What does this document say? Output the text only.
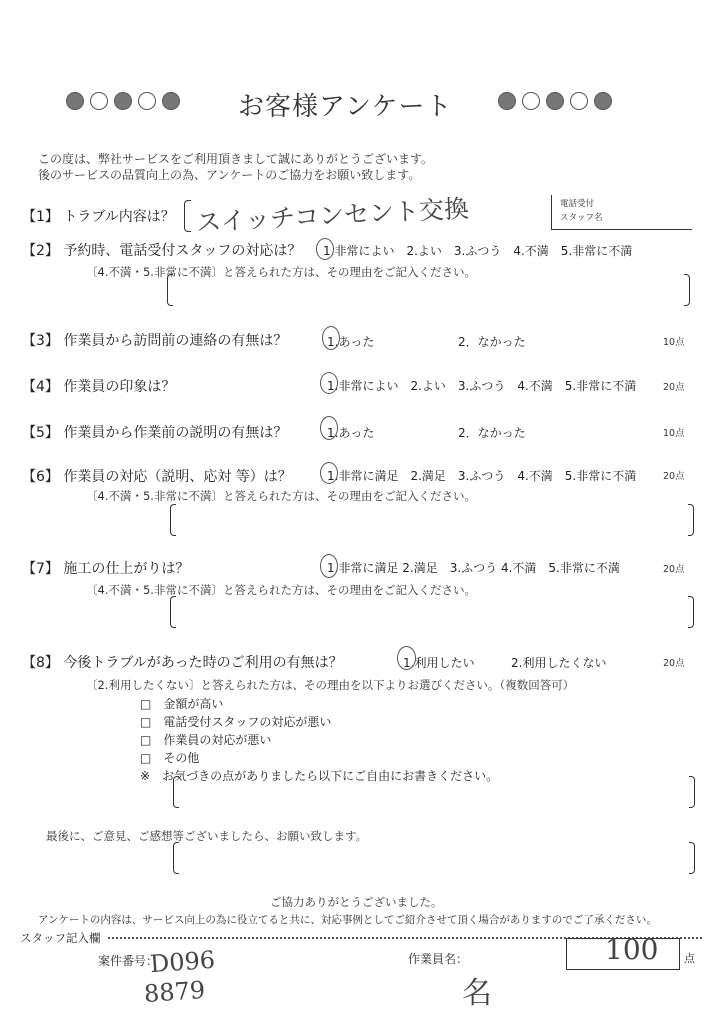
お客様アンケート
この度は、弊社サービスをご利用頂きまして誠にありがとうございます。
後のサービスの品質向上の為、アンケートのご協力をお願い致します。
電話受付
スタッフ名
【1】 トラブル内容は？ スイッチコンセント交換
【2】 予約時、電話受付スタッフの対応は？ 1.非常によい　2.よい　3.ふつう　4.不満　5.非常に不満
〔4.不満・5.非常に不満〕と答えられた方は、その理由をご記入ください。
【3】 作業員から訪問前の連絡の有無は？	1.あった	2．なかった	10点
【4】 作業員の印象は？	1.非常によい　2.よい　3.ふつう　4.不満　5.非常に不満	20点
【5】 作業員から作業前の説明の有無は？	1.あった	2．なかった	10点
【6】 作業員の対応（説明、応対 等）は？	1.非常に満足　2.満足　3.ふつう　4.不満　5.非常に不満	20点
〔4.不満・5.非常に不満〕と答えられた方は、その理由をご記入ください。
【7】 施工の仕上がりは？	1.非常に満足 2.満足　3.ふつう 4.不満　5.非常に不満	20点
〔4.不満・5.非常に不満〕と答えられた方は、その理由をご記入ください。
【8】 今後トラブルがあった時のご利用の有無は？	1.利用したい	2.利用したくない	20点
〔2.利用したくない〕と答えられた方は、その理由を以下よりお選びください。（複数回答可）
□　金額が高い
□　電話受付スタッフの対応が悪い
□　作業員の対応が悪い
□　その他
※　お気づきの点がありましたら以下にご自由にお書きください。
最後に、ご意見、ご感想等ございましたら、お願い致します。
ご協力ありがとうございました。
アンケートの内容は、サービス向上の為に役立てると共に、対応事例としてご紹介させて頂く場合がありますのでご了承ください。
スタッフ記入欄
案件番号：
D096
8879
作業員名：
名
100 点
